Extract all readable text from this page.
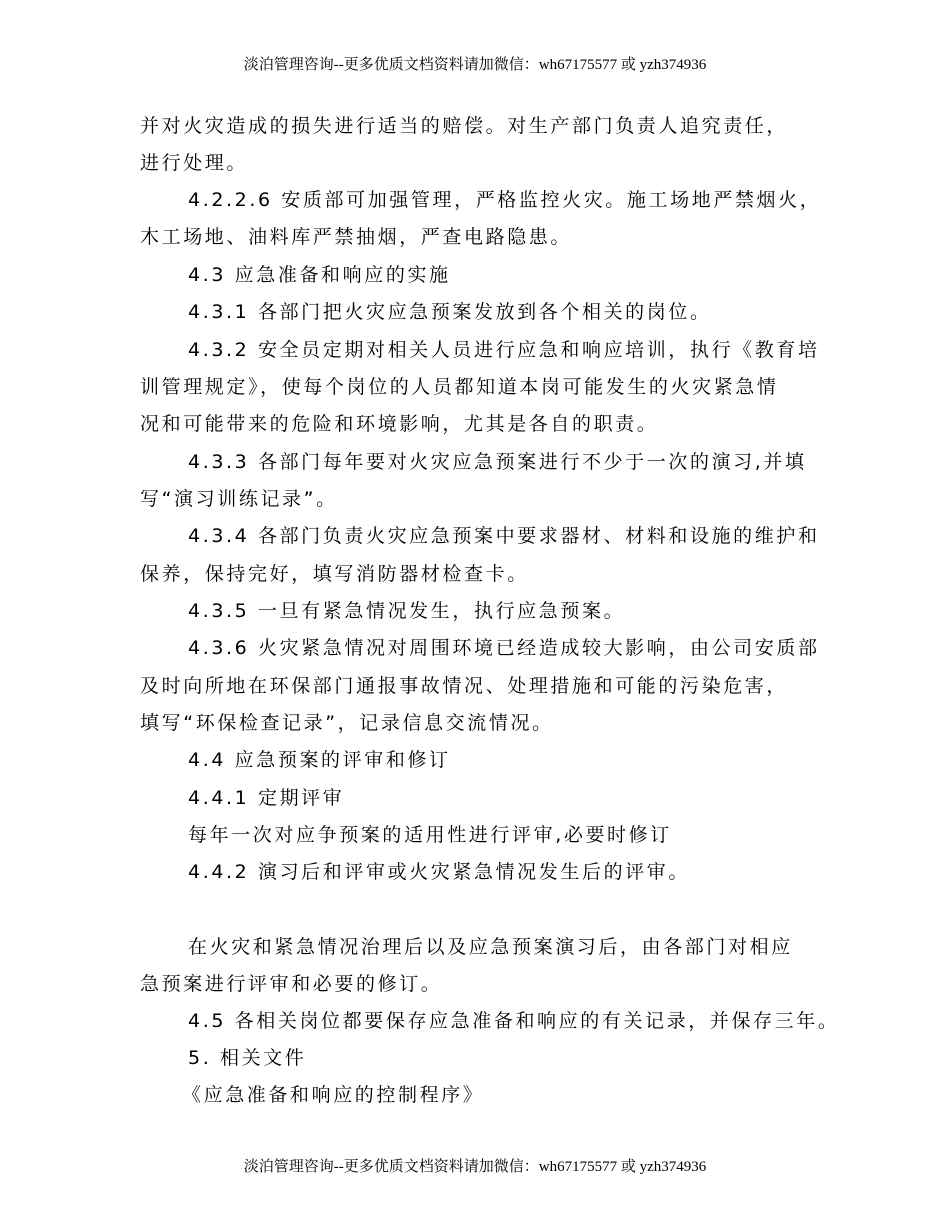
淡泊管理咨询--更多优质文档资料请加微信：wh67175577 或 yzh374936
并对火灾造成的损失进行适当的赔偿。对生产部门负责人追究责任，
进行处理。
4.2.2.6 安质部可加强管理，严格监控火灾。施工场地严禁烟火，
木工场地、油料库严禁抽烟，严查电路隐患。
4.3 应急准备和响应的实施
4.3.1 各部门把火灾应急预案发放到各个相关的岗位。
4.3.2 安全员定期对相关人员进行应急和响应培训，执行《教育培
训管理规定》，使每个岗位的人员都知道本岗可能发生的火灾紧急情
况和可能带来的危险和环境影响，尤其是各自的职责。
4.3.3 各部门每年要对火灾应急预案进行不少于一次的演习,并填
写“演习训练记录”。
4.3.4 各部门负责火灾应急预案中要求器材、材料和设施的维护和
保养，保持完好，填写消防器材检查卡。
4.3.5 一旦有紧急情况发生，执行应急预案。
4.3.6 火灾紧急情况对周围环境已经造成较大影响，由公司安质部
及时向所地在环保部门通报事故情况、处理措施和可能的污染危害，
填写“环保检查记录”，记录信息交流情况。
4.4 应急预案的评审和修订
4.4.1 定期评审
每年一次对应争预案的适用性进行评审,必要时修订
4.4.2 演习后和评审或火灾紧急情况发生后的评审。
在火灾和紧急情况治理后以及应急预案演习后，由各部门对相应
急预案进行评审和必要的修订。
4.5 各相关岗位都要保存应急准备和响应的有关记录，并保存三年。
5. 相关文件
《应急准备和响应的控制程序》
淡泊管理咨询--更多优质文档资料请加微信：wh67175577 或 yzh374936
